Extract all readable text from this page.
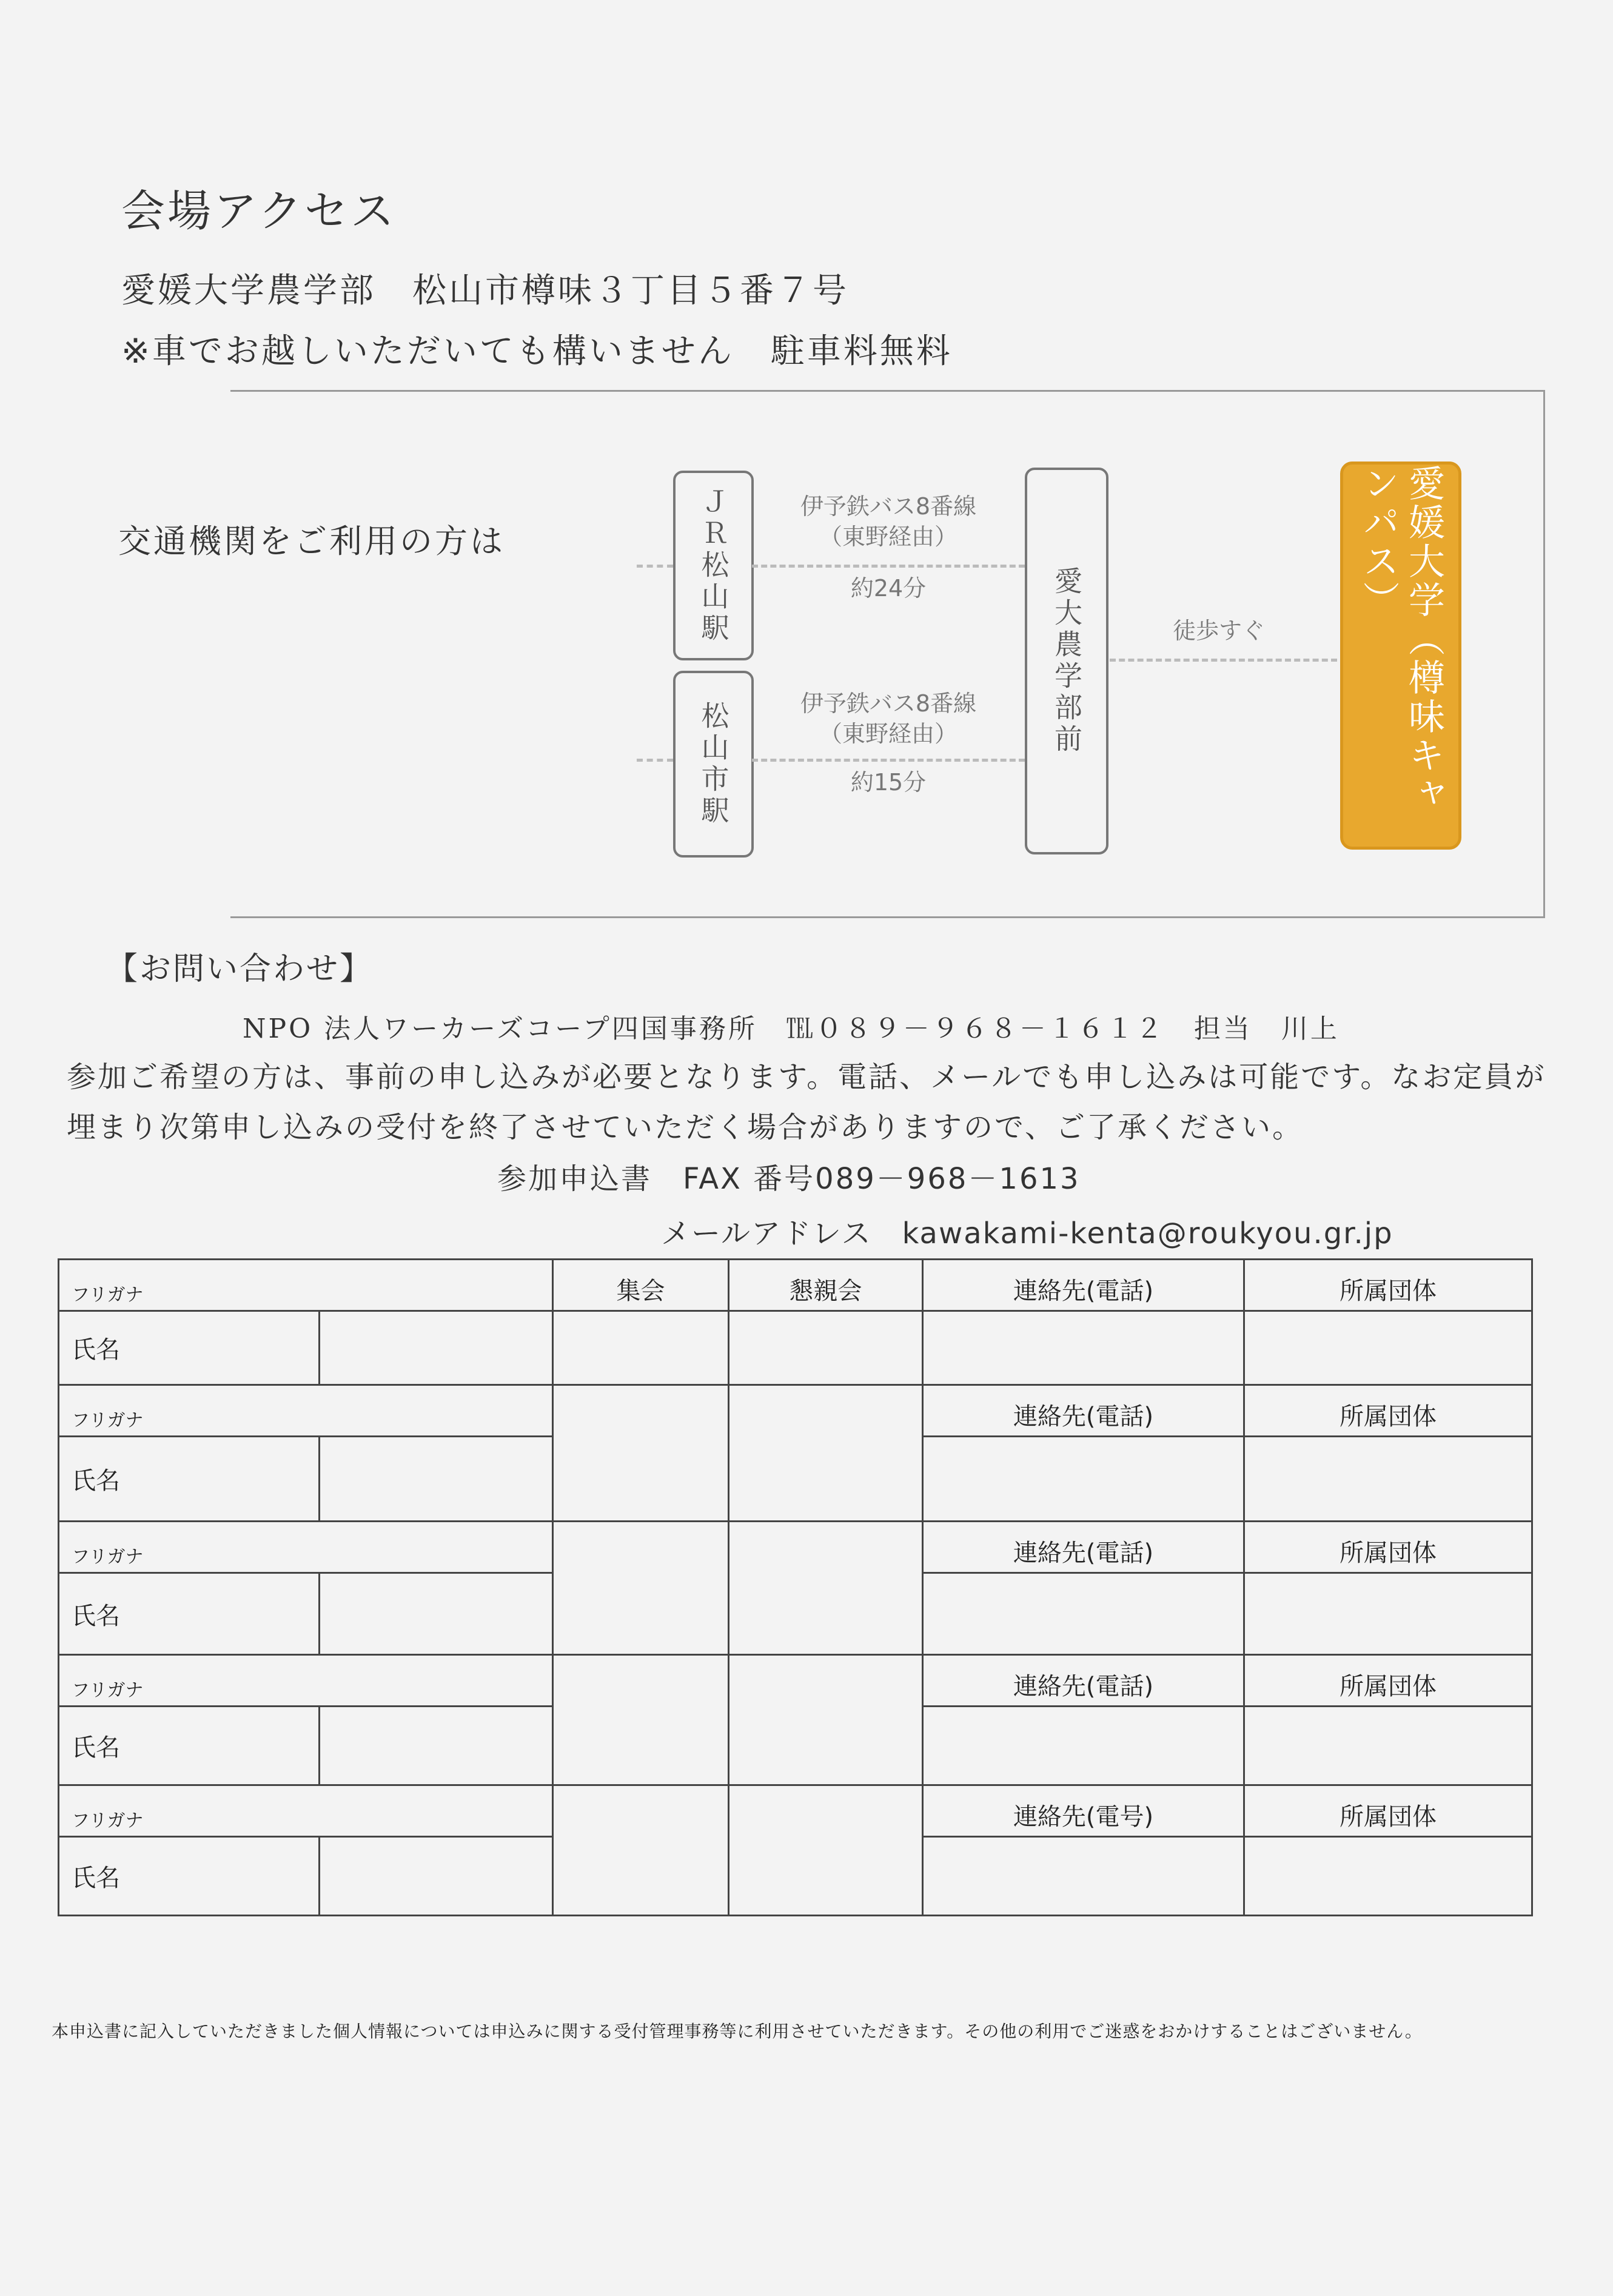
会場アクセス
愛媛大学農学部　松山市樽味３丁目５番７号
※車でお越しいただいても構いません　駐車料無料
交通機関をご利用の方は	ＪＲ松山駅
松山市駅
愛大農学部前	愛媛大学（樽味キャンパス）
伊予鉄バス8番線
（東野経由）
約24分
伊予鉄バス8番線
（東野経由）
約15分
徒歩すぐ
【お問い合わせ】
NPO 法人ワーカーズコープ四国事務所　℡０８９－９６８－１６１２　担当　川上
参加ご希望の方は、事前の申し込みが必要となります。電話、メールでも申し込みは可能です。なお定員が埋まり次第申し込みの受付を終了させていただく場合がありますので、ご了承ください。
参加申込書　FAX 番号089－968－1613
メールアドレス　kawakami-kenta@roukyou.gr.jp
フリガナ		集会	懇親会	連絡先(電話)	所属団体
氏名					
フリガナ				連絡先(電話)	所属団体
氏名					
フリガナ				連絡先(電話)	所属団体
氏名					
フリガナ				連絡先(電話)	所属団体
氏名					
フリガナ				連絡先(電号)	所属団体
氏名					
本申込書に記入していただきました個人情報については申込みに関する受付管理事務等に利用させていただきます。その他の利用でご迷惑をおかけすることはございません。
